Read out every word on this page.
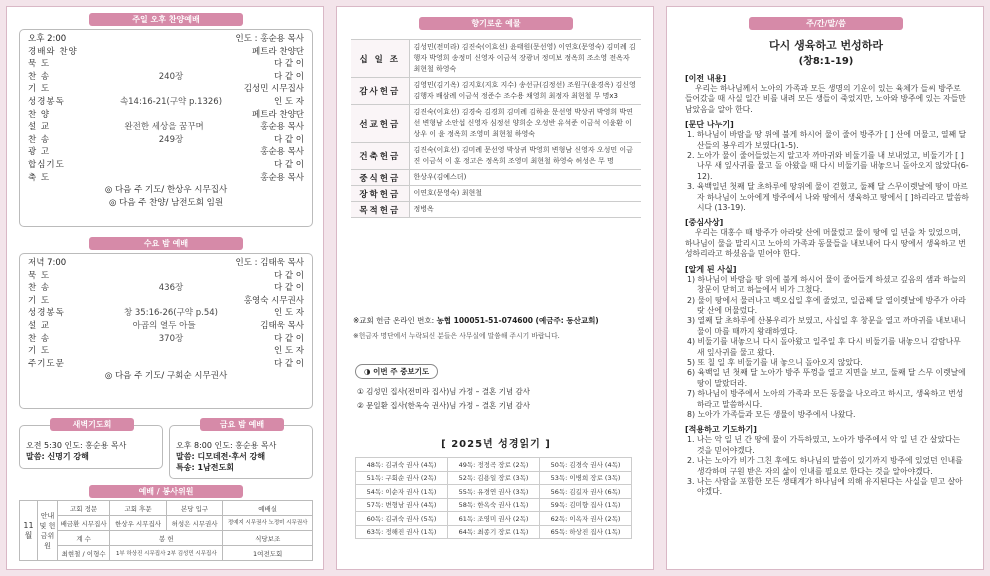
주일 오후 찬양예배
오후 2:00	인도 : 홍순용 목사
경배와 찬양	페트라 찬양단
묵 도	다 같 이
찬 송	240장	다 같 이
기 도	김성민 시무집사
성경봉독	속14:16-21(구약 p.1326)	인 도 자
찬 양	페트라 찬양단
설 교	완전한 세상을 꿈꾸며	홍순용 목사
찬 송	249장	다 같 이
광 고	홍순용 목사
합심기도	다 같 이
축 도	홍순용 목사
◎ 다음 주 기도/ 한상우 시무집사
◎ 다음 주 찬양/ 남전도회 임원
수요 밤 예배
저녁 7:00	인도 : 김태욱 목사
묵 도	다 같 이
찬 송	436장	다 같 이
기 도	홍영숙 시무권사
성경봉독	창 35:16-26(구약 p.54)	인 도 자
설 교	아곱의 열두 아들	김태욱 목사
찬 송	370장	다 같 이
기 도	인 도 자
주기도문	다 같 이
◎ 다음 주 기도/ 구회순 시무권사
새벽기도회
오전 5:30 인도: 홍순용 목사
말씀: 신명기 강해
금요 밤 예배
오후 8:00 인도: 홍순용 목사
말씀: 디모데전·후서 강해
특송: 1남전도회
예배 / 봉사위원
11월	안내 및 헌금위원	고회 정문	고회 후문	본당 입구	예배실
		배금환 시무집사	한상우 시무집사	허성은 시무권사	정예지 시무권사 노정미 시무권사
		계 수	봉 헌		식당보조
		최현철 / 이형수	1부 하상진 시무집사 2부 김성민 시무집사		1여전도회
향기로운 예물
십 일 조	김성민(전미라) 김진숙(이효선) 윤태원(문선영) 이연호(문영숙) 김미례 김행자 박영희 송정미 신영자 이금석 장광녀 정미보 정옥희 조소영 전옥자 최현철 하영숙
감사헌금	김영민(김기옥) 김지호(지호 지수) 송선규(김정선) 조원구(윤경옥) 김신영 김행자 배삼례 이금석 정준수 조수용 채영희 최정자 최현철 무 명x3
선교헌금	김진숙(이효선) 김경숙 김경희 김미례 김하윤 문선영 박상귀 박영희 박연선 변형남 소안섭 신영자 심정선 양희순 오성반 유석준 이금석 이윤환 이상우 이 윤 정옥희 조영미 최현철 하영숙
건축헌금	김진숙(이효선) 김미례 문선영 박상귀 박영희 변형남 신영자 오성민 이금진 이금석 이 훈 정고은 정옥희 조영미 최현철 하영숙 허성은 무 명
중식헌금	한상우(김예스더)
장학헌금	이연호(문영숙) 최현철
목적헌금	정병옥
※교회 헌금 온라인 번호: 농협 100051-51-074600 (예금주: 동산교회)
※헌금자 명단에서 누락되신 분들은 사무실에 말씀해 주시기 바랍니다.
◑ 이번 주 중보기도
① 김성민 집사(전미라 집사)님 가정 – 결혼 기념 감사
② 문일환 집사(한옥숙 권사)님 가정 – 결혼 기념 감사
[ 2025년 성경읽기 ]
48독: 김귀숙 권사 (4독)	49독: 정정곡 장로 (2독)	50독: 김경숙 권사 (4독)
51독: 구회순 권사 (2독)	52독: 김용일 장로 (3독)	53독: 이병희 장로 (3독)
54독: 이순자 권사 (1독)	55독: 유경연 권사 (3독)	56독: 김길자 권사 (6독)
57독: 변형남 권사 (4독)	58독: 한옥숙 권사 (1독)	59독: 김미향 집사 (1독)
60독: 김귀숙 권사 (5독)	61독: 조영미 권사 (2독)	62독: 이옥자 권사 (2독)
63독: 정해진 권사 (1독)	64독: 최종기 장로 (1독)	65독: 하상진 집사 (1독)
주/간/말/씀
다시 생육하고 번성하라
(창8:1-19)
[이전 내용]
우리는 하나님께서 노아의 가족과 모든 생명의 기운이 있는 육체가 들씨 방주로 들어갔을 때 사실 일간 비를 내려 모든 생들이 죽었지만, 노아와 방주에 있는 자들만 남았음을 알아 한다.
[문단 나누기]
1. 하나님이 바람을 땅 위에 불게 하시어 물이 줄어 방주가 [ ] 산에 머물고, 열째 달 산들의 봉우리가 보였다(1-5).
2. 노아가 물이 줄어들었는지 알고자 까마귀와 비둘기를 내 보내었고, 비둘기가 [ ]나무 새 잎사귀를 물고 돌 아왔을 때 다시 비둘기를 내놓으니 돌아오지 않았다(6-12).
3. 육백일년 첫째 달 초하루에 땅위에 물이 걷혔고, 둘째 달 스무이렛날에 땅이 마르자 하나님이 노아에게 방주에서 나와 땅에서 생육하고 땅에서 [ ]하리라고 말씀하시다 (13-19).
[중심사상]
우리는 대홍수 때 방주가 아라랏 산에 머물렀고 물이 땅에 일 년을 차 있었으며, 하나님이 물을 말리시고 노아의 가족과 동물들을 내보내어 다시 땅에서 생육하고 번성하리라고 하셨음을 믿어야 한다.
[알게 된 사실]
1) 하나님이 바람을 땅 위에 불게 하시어 물이 줄어들게 하셨고 깊음의 샘과 하늘의 창문이 닫히고 하늘에서 비가 그쳤다.
2) 물이 땅에서 물러나고 백오십일 후에 줄었고, 일곱째 달 열이렛날에 방주가 아라랏 산에 머물렀다.
3) 열째 달 초하루에 산봉우리가 보였고, 사십일 후 창문을 열고 까마귀를 내보내니 물이 마를 때까지 왕래하였다.
4) 비둘기를 내놓으니 다시 돌아왔고 일주일 후 다시 비둘기를 내놓으니 감람나무 새 잎사귀를 물고 왔다.
5) 또 칠 일 후 비둘기를 내 놓으니 돌아오지 않았다.
6) 육백일 년 첫째 달 노아가 방주 뚜껑을 열고 지면을 보고, 둘째 달 스무 이렛날에 땅이 말랐더라.
7) 하나님이 방주에서 노아의 가족과 모든 동물을 나오라고 하시고, 생육하고 번성하라고 말씀하시다.
8) 노아가 가족들과 모든 생물이 방주에서 나왔다.
[적용하고 기도하기]
1. 나는 악 일 년 간 땅에 물이 가득하였고, 노아가 방주에서 악 일 년 간 살았다는 것을 믿어야겠다.
2. 나는 노아가 비가 그친 후에도 하나님의 말씀이 있기까지 방주에 있었던 인내를 생각하며 구원 받은 자의 삶이 인내를 필요로 한다는 것을 알아야겠다.
3. 나는 사람을 포함한 모든 생태계가 하나님에 의해 유지된다는 사실을 믿고 살아야겠다.
